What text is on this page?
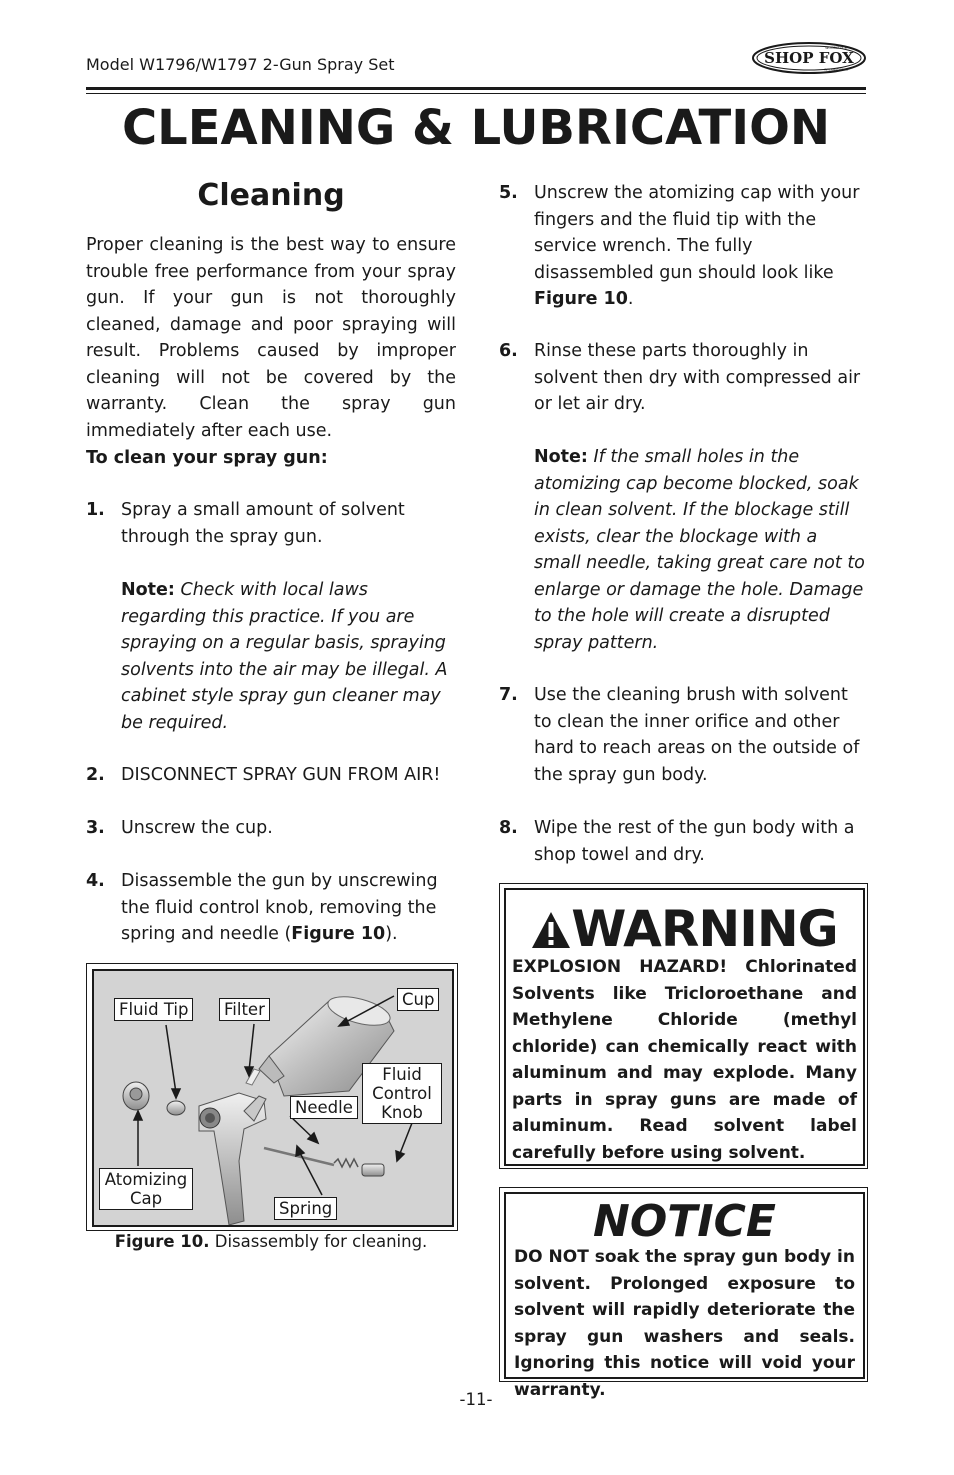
Model W1796/W1797 2-Gun Spray Set	SHOP FOX
WOODSTOCK
INTERNATIONAL
CLEANING & LUBRICATION
Cleaning
Proper cleaning is the best way to ensure trouble free performance from your spray gun. If your gun is not thoroughly cleaned, damage and poor spraying will result. Problems caused by improper cleaning will not be covered by the warranty. Clean the spray gun immediately after each use.
To clean your spray gun:
1. Spray a small amount of solvent through the spray gun.
Note: Check with local laws regarding this practice. If you are spraying on a regular basis, spraying solvents into the air may be illegal. A cabinet style spray gun cleaner may be required.
2. DISCONNECT SPRAY GUN FROM AIR!
3. Unscrew the cup.
4. Disassemble the gun by unscrewing the fluid control knob, removing the spring and needle (Figure 10).
Fluid Tip	Filter
Cup
Fluid
Control
Knob
Needle
Atomizing
Cap
Spring
Figure 10. Disassembly for cleaning.
5. Unscrew the atomizing cap with your fingers and the fluid tip with the service wrench. The fully disassembled gun should look like Figure 10.
6. Rinse these parts thoroughly in solvent then dry with compressed air or let air dry.
Note: If the small holes in the atomizing cap become blocked, soak in clean solvent. If the blockage still exists, clear the blockage with a small needle, taking great care not to enlarge or damage the hole. Damage to the hole will create a disrupted spray pattern.
7. Use the cleaning brush with solvent to clean the inner orifice and other hard to reach areas on the outside of the spray gun body.
8. Wipe the rest of the gun body with a shop towel and dry.
WARNING
EXPLOSION HAZARD! Chlorinated Solvents like Tricloroethane and Methylene Chloride (methyl chloride) can chemically react with aluminum and may explode. Many parts in spray guns are made of aluminum. Read solvent label carefully before using solvent.
NOTICE
DO NOT soak the spray gun body in solvent. Prolonged exposure to solvent will rapidly deteriorate the spray gun washers and seals. Ignoring this notice will void your warranty.
-11-
